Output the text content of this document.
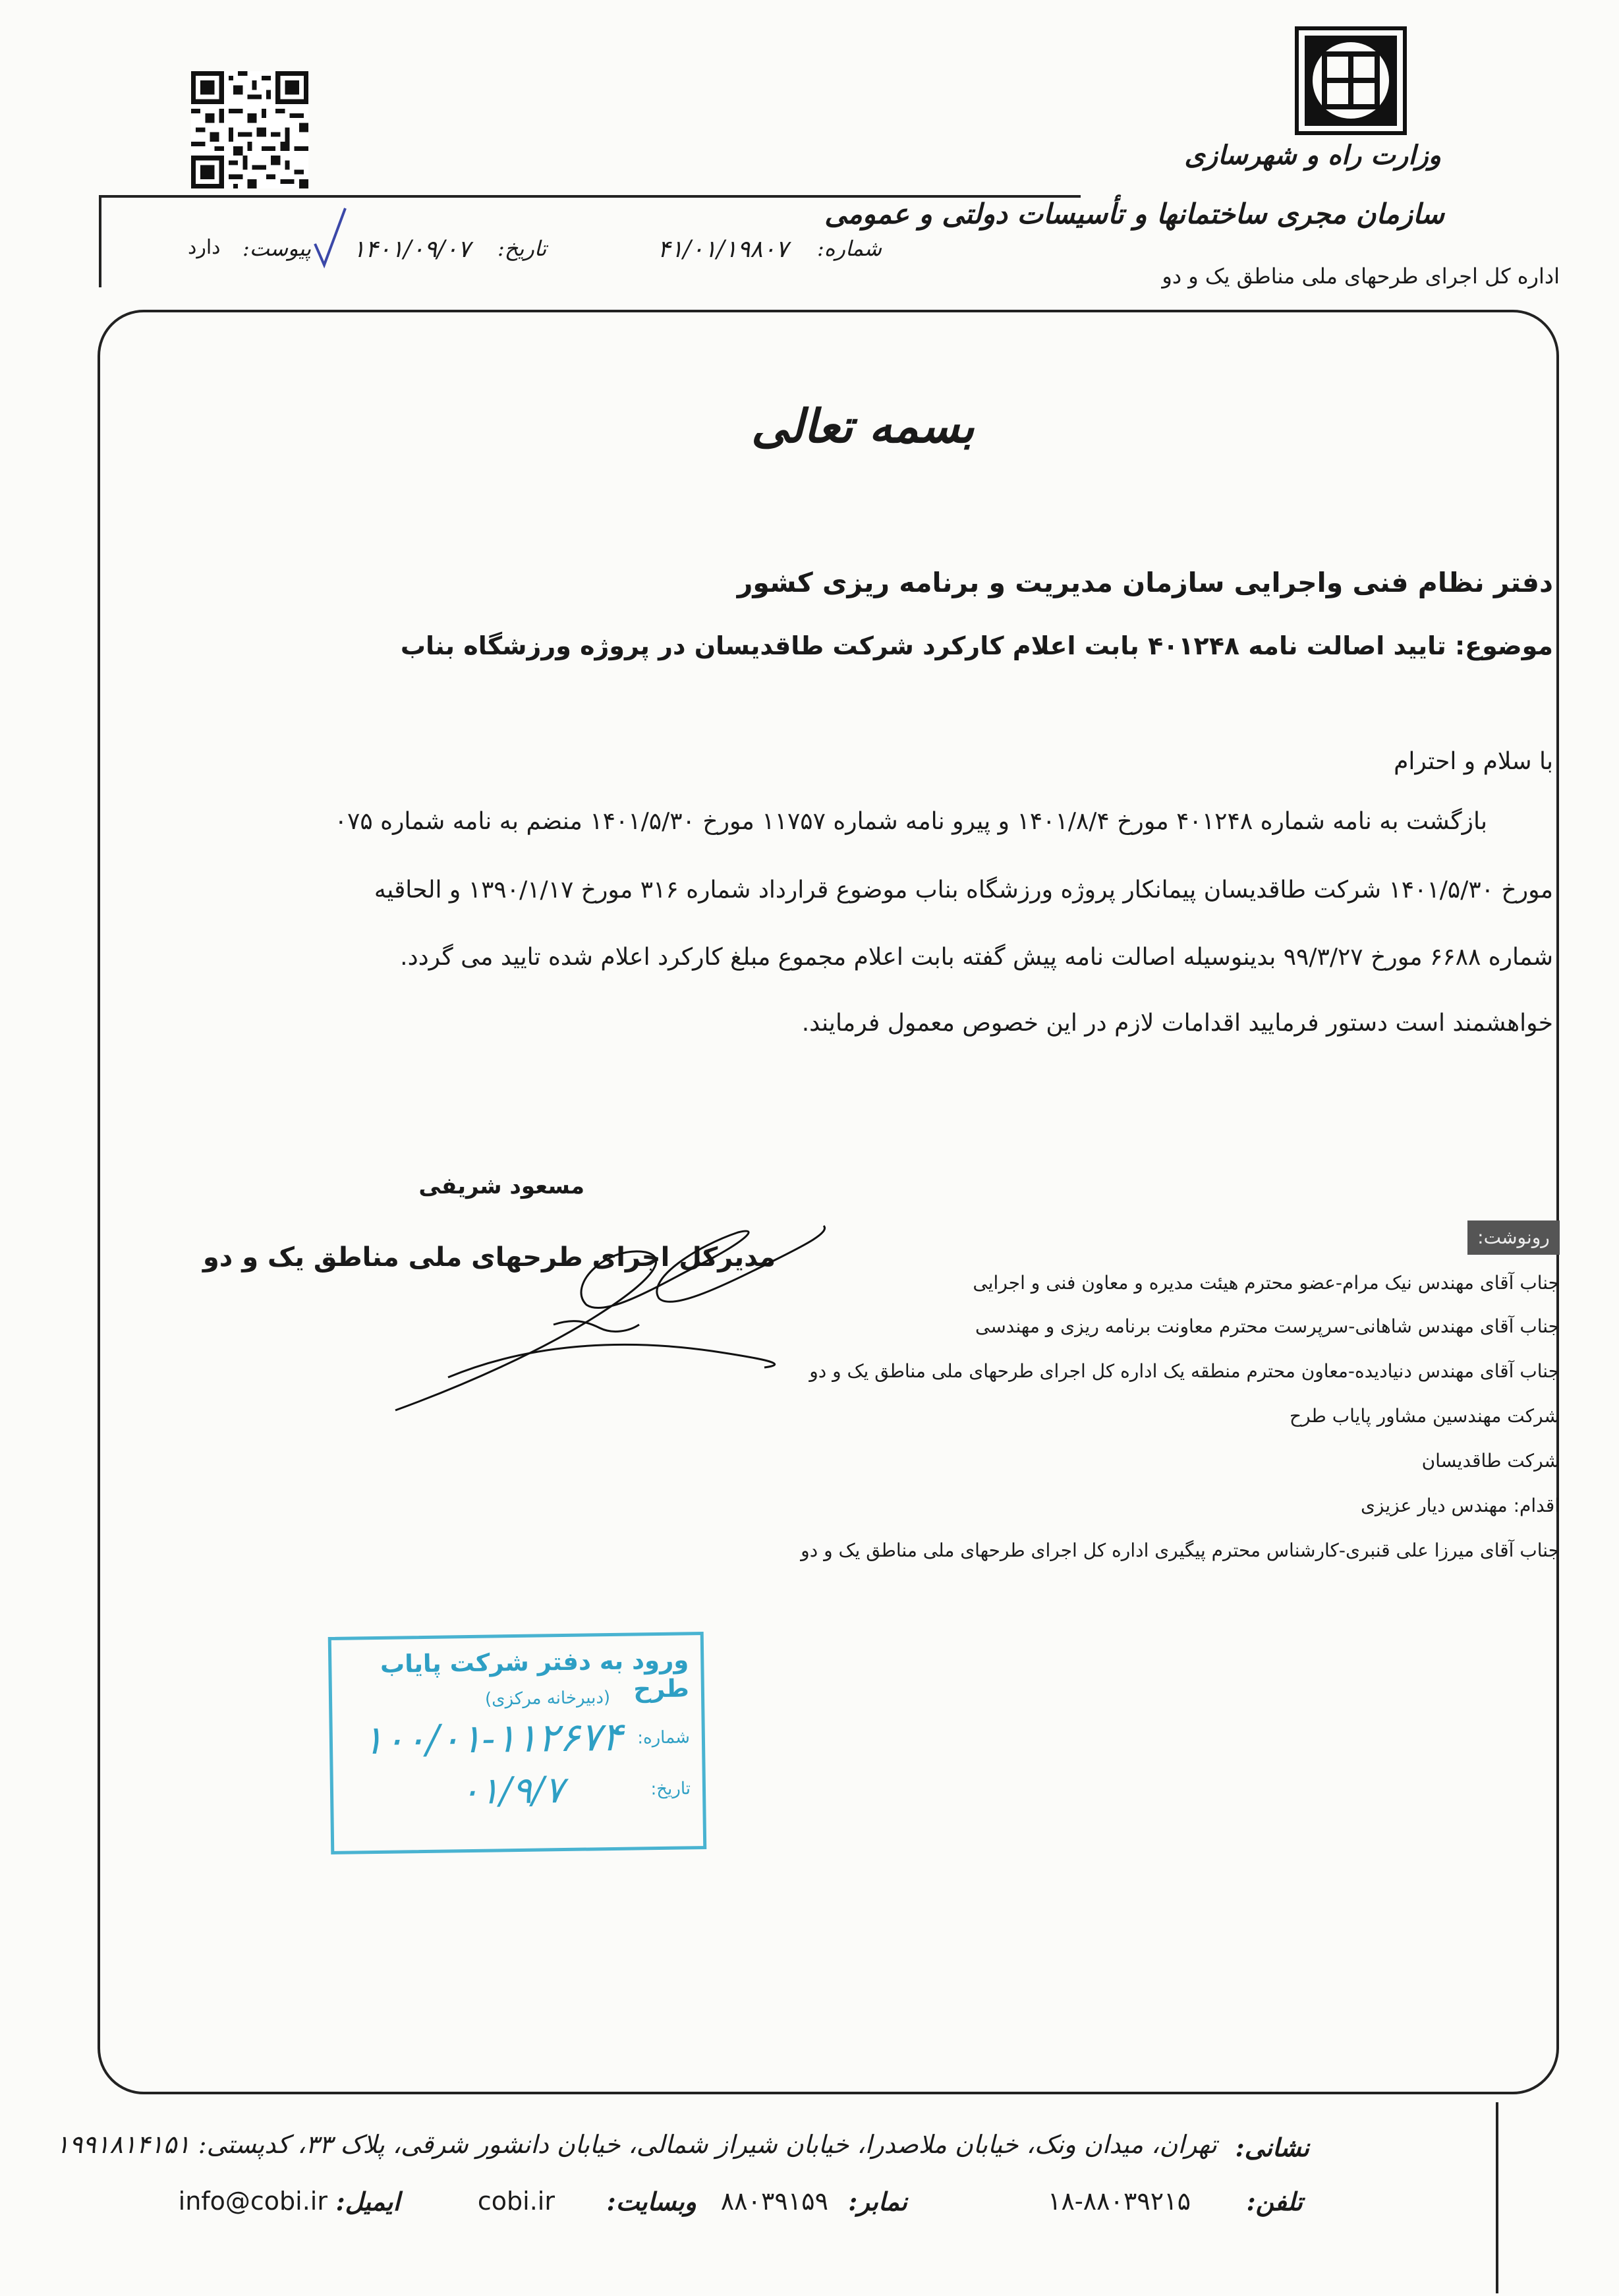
وزارت راه و شهرسازی
سازمان مجری ساختمانها و تأسیسات دولتی و عمومی
اداره کل اجرای طرحهای ملی مناطق یک و دو
شماره:
۴۱/۰۱/۱۹۸۰۷
تاریخ:
۱۴۰۱/۰۹/۰۷
پیوست:
دارد
بسمه تعالی
دفتر نظام فنی واجرایی سازمان مدیریت و برنامه ریزی کشور
موضوع: تایید اصالت نامه ۴۰۱۲۴۸ بابت اعلام کارکرد شرکت طاقدیسان در پروژه ورزشگاه بناب
با سلام و احترام
بازگشت به نامه شماره ۴۰۱۲۴۸ مورخ ۱۴۰۱/۸/۴ و پیرو نامه شماره ۱۱۷۵۷ مورخ ۱۴۰۱/۵/۳۰ منضم به نامه شماره ۰۷۵
مورخ ۱۴۰۱/۵/۳۰ شرکت طاقدیسان پیمانکار پروژه ورزشگاه بناب موضوع قرارداد شماره ۳۱۶ مورخ ۱۳۹۰/۱/۱۷ و الحاقیه
شماره ۶۶۸۸ مورخ ۹۹/۳/۲۷ بدینوسیله اصالت نامه پیش گفته بابت اعلام مجموع مبلغ کارکرد اعلام شده تایید می گردد.
خواهشمند است دستور فرمایید اقدامات لازم در این خصوص معمول فرمایند.
مسعود شریفی
مدیرکل اجرای طرحهای ملی مناطق یک و دو
رونوشت:
جناب آقای مهندس نیک مرام-عضو محترم هیئت مدیره و معاون فنی و اجرایی
جناب آقای مهندس شاهانی-سرپرست محترم معاونت برنامه ریزی و مهندسی
جناب آقای مهندس دنیادیده-معاون محترم منطقه یک اداره کل اجرای طرحهای ملی مناطق یک و دو
شرکت مهندسین مشاور پایاب طرح
شرکت طاقدیسان
اقدام: مهندس دیار عزیزی
جناب آقای میرزا علی قنبری-کارشناس محترم پیگیری اداره کل اجرای طرحهای ملی مناطق یک و دو
ورود به دفتر شرکت پایاب طرح
(دبیرخانه مرکزی)
شماره:
۱۰۰/۰۱-۱۱۲۶۷۴
تاریخ:
۰۱/۹/۷
نشانی:
تهران، میدان ونک، خیابان ملاصدرا، خیابان شیراز شمالی، خیابان دانشور شرقی، پلاک ۳۳، کدپستی: ۱۹۹۱۸۱۴۱۵۱
تلفن:
۱۸-۸۸۰۳۹۲۱۵
نمابر:
۸۸۰۳۹۱۵۹
وبسایت:
cobi.ir
ایمیل:
info@cobi.ir
